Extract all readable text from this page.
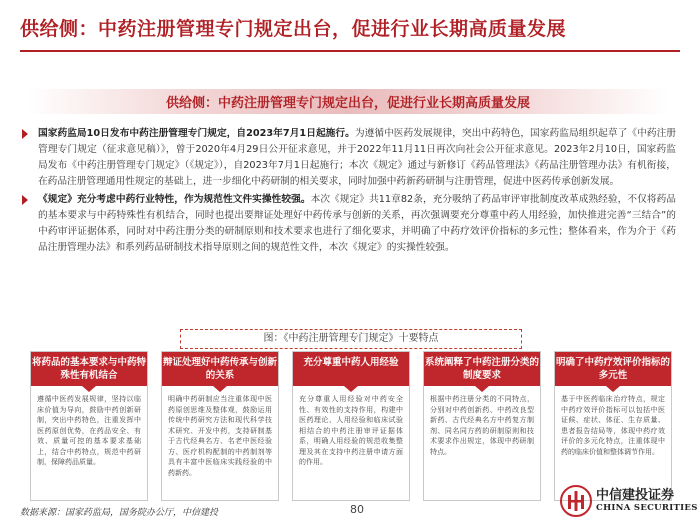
供给侧：中药注册管理专门规定出台，促进行业长期高质量发展
供给侧：中药注册管理专门规定出台，促进行业长期高质量发展
国家药监局10日发布中药注册管理专门规定，自2023年7月1日起施行。为遵循中医药发展规律，突出中药特色，国家药监局组织起草了《中药注册管理专门规定（征求意见稿）》，曾于2020年4月29日公开征求意见，并于2022年11月11日再次向社会公开征求意见。2023年2月10日，国家药监局发布《中药注册管理专门规定》（《规定》），自2023年7月1日起施行；本次《规定》通过与新修订《药品管理法》《药品注册管理办法》有机衔接，在药品注册管理通用性规定的基础上，进一步细化中药研制的相关要求，同时加强中药新药研制与注册管理，促进中医药传承创新发展。
《规定》充分考虑中药行业特性，作为规范性文件实操性较强。本次《规定》共11章82条，充分吸纳了药品审评审批制度改革成熟经验，不仅将药品的基本要求与中药特殊性有机结合，同时也提出要辩证处理好中药传承与创新的关系，再次强调要充分尊重中药人用经验，加快推进完善“三结合”的中药审评证据体系，同时对中药注册分类的研制原则和技术要求也进行了细化要求，并明确了中药疗效评价指标的多元性；整体看来，作为介于《药品注册管理办法》和系列药品研制技术指导原则之间的规范性文件，本次《规定》的实操性较强。
图：《中药注册管理专门规定》十要特点
将药品的基本要求与中药特殊性有机结合
遵循中医药发展规律，坚持以临床价值为导向，鼓励中药创新研制，突出中药特色，注重发挥中医药原创优势，在药品安全、有效、质量可控的基本要求基础上，结合中药特点，规范中药研制，保障药品质量。
辩证处理好中药传承与创新的关系
明确中药研制应当注重体现中医药原创思维及整体观，鼓励运用传统中药研究方法和现代科学技术研究、开发中药，支持研制基于古代经典名方、名老中医经验方、医疗机构配制的中药制剂等具有丰富中医临床实践经验的中药新药。
充分尊重中药人用经验
充分尊重人用经验对中药安全性、有效性的支持作用，构建中医药理论、人用经验和临床试验相结合的中药注册审评证据体系，明确人用经验的规范收集整理及其在支持中药注册申请方面的作用。
系统阐释了中药注册分类的制度要求
根据中药注册分类的不同特点，分别对中药创新药、中药改良型新药、古代经典名方中药复方制剂、同名同方药的研制原则和技术要求作出规定，体现中药研制特点。
明确了中药疗效评价指标的多元性
基于中医药临床治疗特点，规定中药疗效评价指标可以包括中医证候、症状、体征、生存质量、患者报告结局等，体现中药疗效评价的多元化特点，注重体现中药的临床价值和整体调节作用。
数据来源：国家药监局，国务院办公厅，中信建投	80
中信建投证券
CHINA SECURITIES
